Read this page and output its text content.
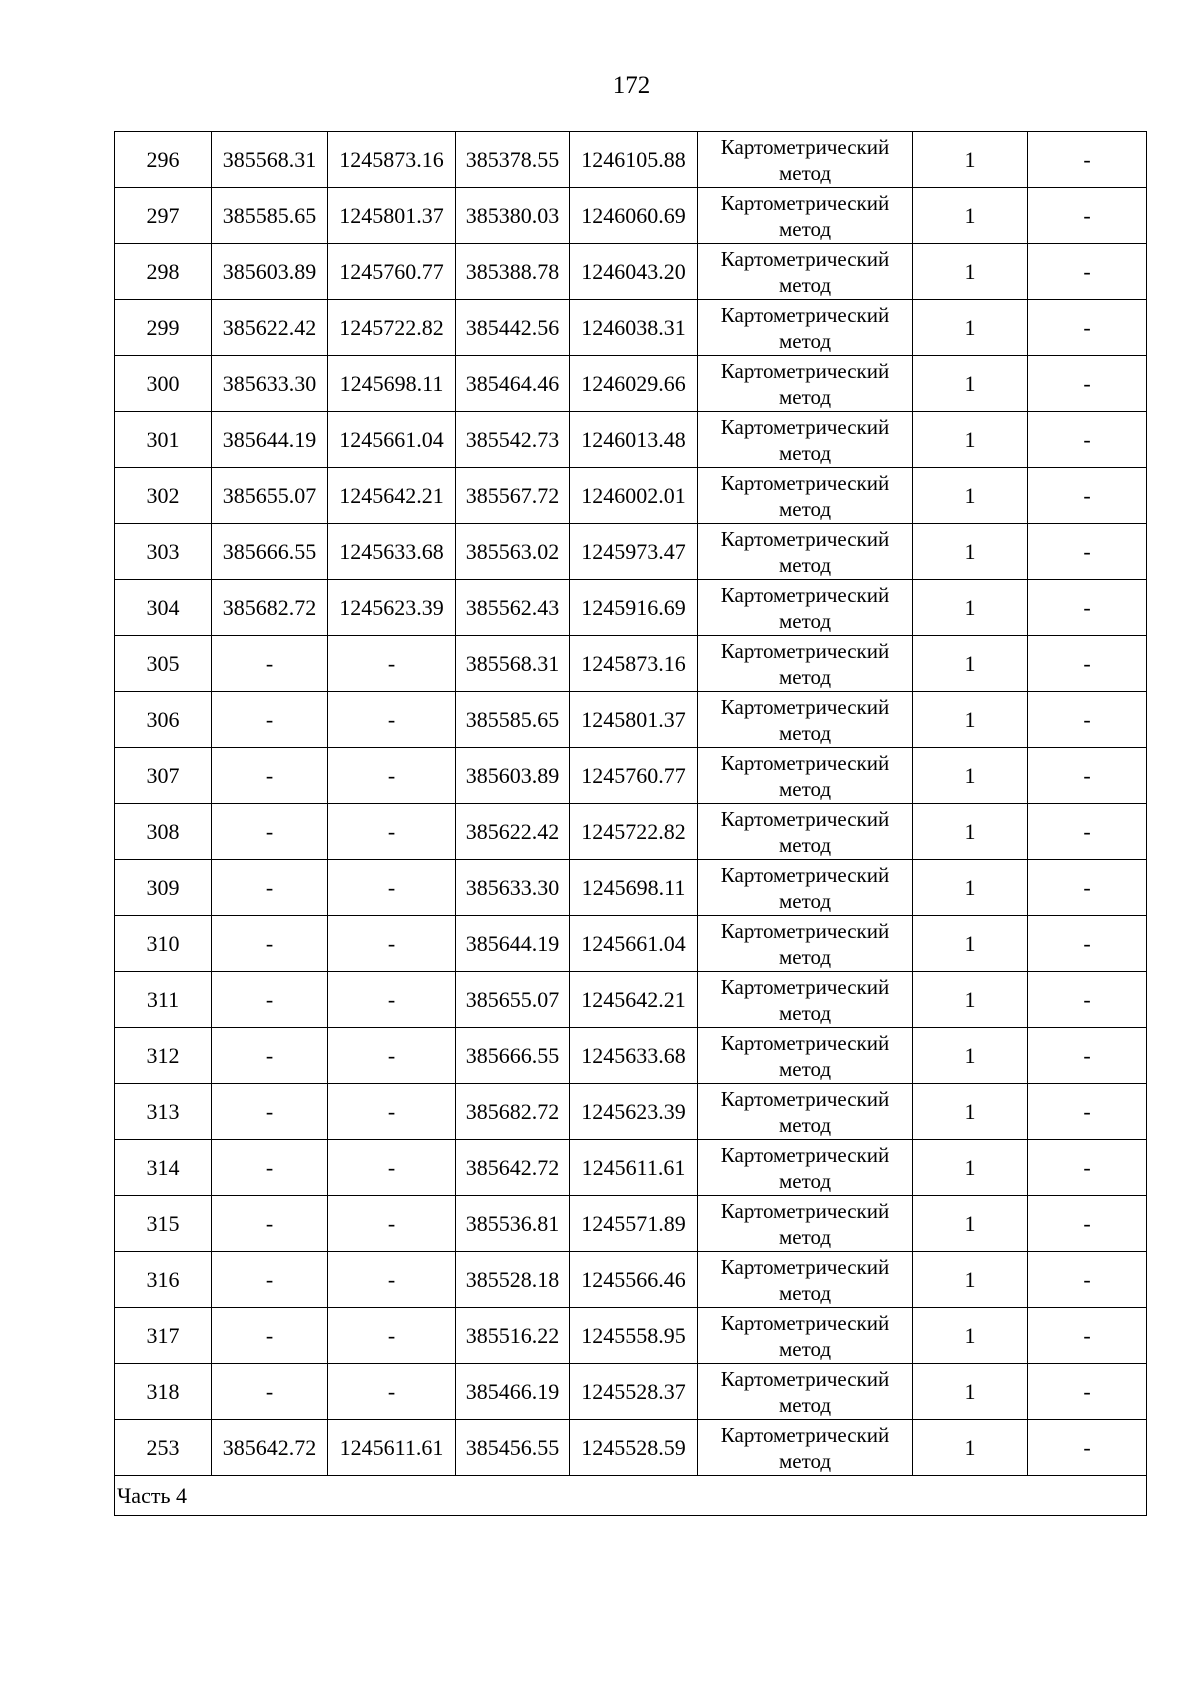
172
296	385568.31	1245873.16	385378.55	1246105.88	Картометрический
метод	1	-
297	385585.65	1245801.37	385380.03	1246060.69	Картометрический
метод	1	-
298	385603.89	1245760.77	385388.78	1246043.20	Картометрический
метод	1	-
299	385622.42	1245722.82	385442.56	1246038.31	Картометрический
метод	1	-
300	385633.30	1245698.11	385464.46	1246029.66	Картометрический
метод	1	-
301	385644.19	1245661.04	385542.73	1246013.48	Картометрический
метод	1	-
302	385655.07	1245642.21	385567.72	1246002.01	Картометрический
метод	1	-
303	385666.55	1245633.68	385563.02	1245973.47	Картометрический
метод	1	-
304	385682.72	1245623.39	385562.43	1245916.69	Картометрический
метод	1	-
305	-	-	385568.31	1245873.16	Картометрический
метод	1	-
306	-	-	385585.65	1245801.37	Картометрический
метод	1	-
307	-	-	385603.89	1245760.77	Картометрический
метод	1	-
308	-	-	385622.42	1245722.82	Картометрический
метод	1	-
309	-	-	385633.30	1245698.11	Картометрический
метод	1	-
310	-	-	385644.19	1245661.04	Картометрический
метод	1	-
311	-	-	385655.07	1245642.21	Картометрический
метод	1	-
312	-	-	385666.55	1245633.68	Картометрический
метод	1	-
313	-	-	385682.72	1245623.39	Картометрический
метод	1	-
314	-	-	385642.72	1245611.61	Картометрический
метод	1	-
315	-	-	385536.81	1245571.89	Картометрический
метод	1	-
316	-	-	385528.18	1245566.46	Картометрический
метод	1	-
317	-	-	385516.22	1245558.95	Картометрический
метод	1	-
318	-	-	385466.19	1245528.37	Картометрический
метод	1	-
253	385642.72	1245611.61	385456.55	1245528.59	Картометрический
метод	1	-
Часть 4							
